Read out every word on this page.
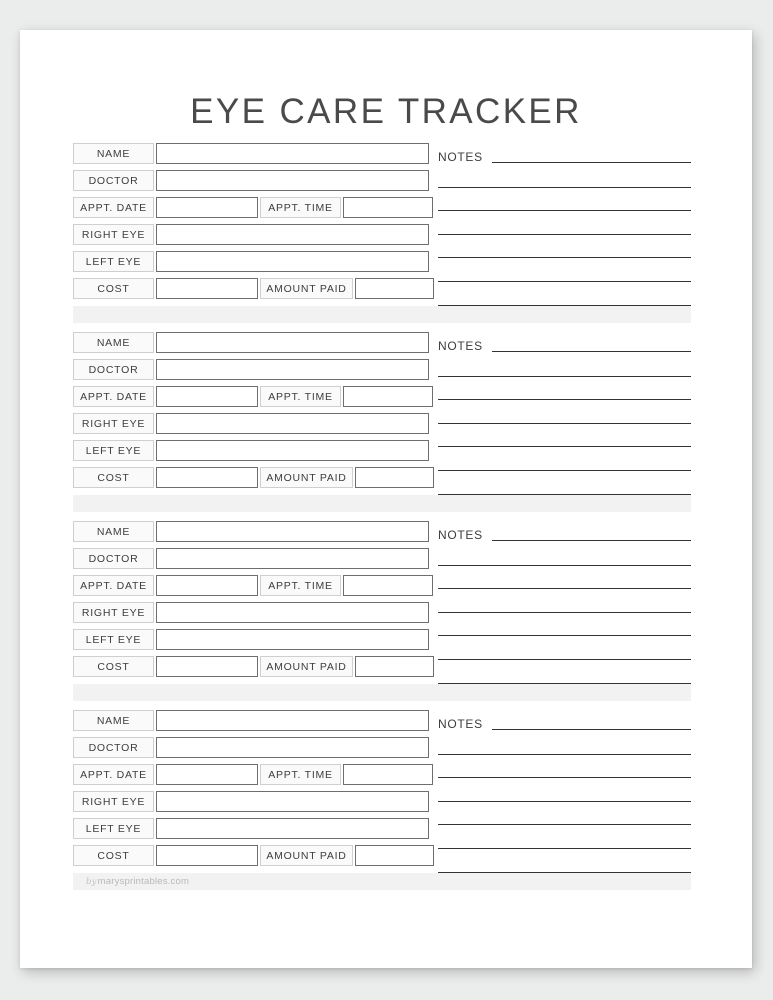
EYE CARE TRACKER
NAME
DOCTOR
APPT. DATE	APPT. TIME
RIGHT EYE
LEFT EYE
COST	AMOUNT PAID
NOTES
NAME
DOCTOR
APPT. DATE	APPT. TIME
RIGHT EYE
LEFT EYE
COST	AMOUNT PAID
NOTES
NAME
DOCTOR
APPT. DATE	APPT. TIME
RIGHT EYE
LEFT EYE
COST	AMOUNT PAID
NOTES
NAME
DOCTOR
APPT. DATE	APPT. TIME
RIGHT EYE
LEFT EYE
COST	AMOUNT PAID
NOTES
bymarysprintables.com
